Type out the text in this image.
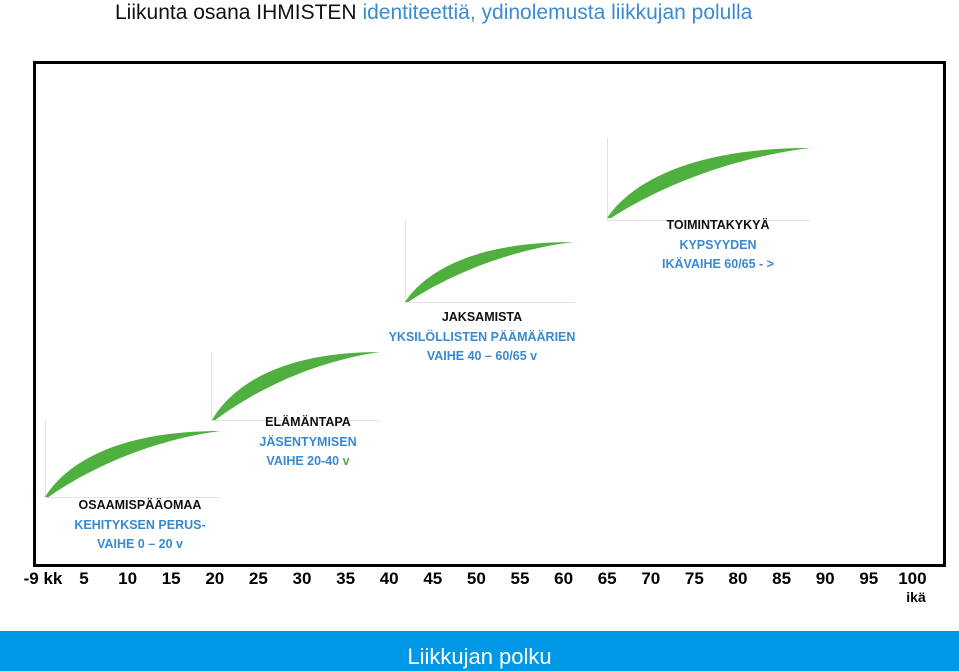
Liikunta osana IHMISTEN identiteettiä, ydinolemusta liikkujan polulla
OSAAMISPÄÄOMAA
KEHITYKSEN PERUS-
VAIHE 0 – 20 v
ELÄMÄNTAPA
JÄSENTYMISEN
VAIHE 20-40 v
JAKSAMISTA
YKSILÖLLISTEN PÄÄMÄÄRIEN
VAIHE 40 – 60/65 v
TOIMINTAKYKYÄ
KYPSYYDEN
IKÄVAIHE 60/65 - >
-9 kk 5	10	15	20	25	30	35	40	45	50	55	60	65	70	75	80	85	90	95	100
ikä
Liikkujan polku
